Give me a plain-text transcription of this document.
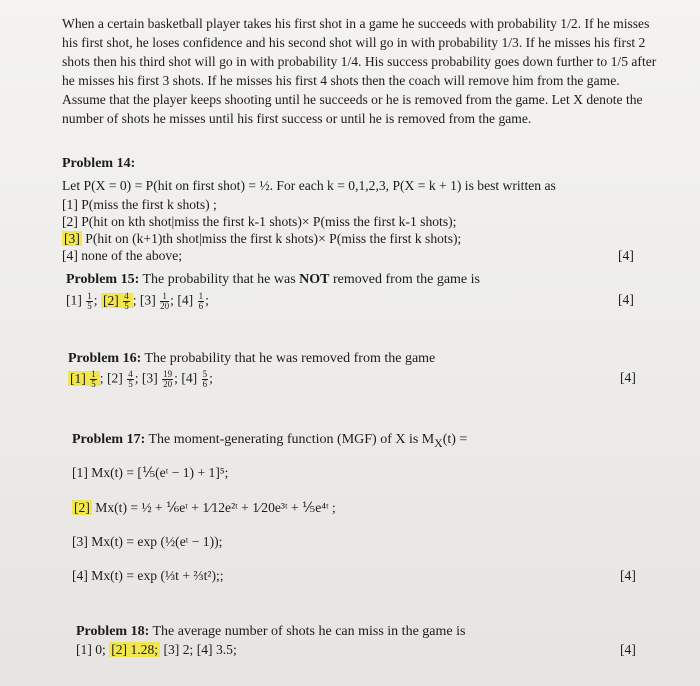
When a certain basketball player takes his first shot in a game he succeeds with probability 1/2. If he misses his first shot, he loses confidence and his second shot will go in with probability 1/3. If he misses his first 2 shots then his third shot will go in with probability 1/4. His success probability goes down further to 1/5 after he misses his first 3 shots. If he misses his first 4 shots then the coach will remove him from the game. Assume that the player keeps shooting until he succeeds or he is removed from the game. Let X denote the number of shots he misses until his first success or until he is removed from the game.

Problem 14:

Let P(X = 0) = P(hit on first shot) = ½. For each k = 0,1,2,3, P(X = k + 1) is best written as

[1] P(miss the first k shots) ;

[2] P(hit on kth shot|miss the first k-1 shots)× P(miss the first k-1 shots);

[3] P(hit on (k+1)th shot|miss the first k shots)× P(miss the first k shots);

[4] none of the above;	[4]

Problem 15: The probability that he was NOT removed from the game is

$[1] \frac{1}{5}$ ; $[2] \frac{4}{5}$ ; $[3] \frac{1}{20}$ ; $[4] \frac{1}{6}$ ;	[4]

Problem 16: The probability that he was removed from the game

$[1] \frac{1}{5}$ ; $[2] \frac{4}{5}$ ; $[3] \frac{19}{20}$ ; $[4] \frac{5}{6}$ ;	[4]

Problem 17: The moment-generating function (MGF) of X is $M_X(t)$ =

[1] Mx(t) = [⅕(eᵗ − 1) + 1]⁵;

[2] Mx(t) = ½ + ⅙eᵗ + 1⁄12e²ᵗ + 1⁄20e³ᵗ + ⅕e⁴ᵗ ;

[3] Mx(t) = exp (½(eᵗ − 1));

[4] Mx(t) = exp (⅓t + ⅔t²);;	[4]

Problem 18: The average number of shots he can miss in the game is

[1] 0; [2] 1.28; [3] 2; [4] 3.5;	[4]
